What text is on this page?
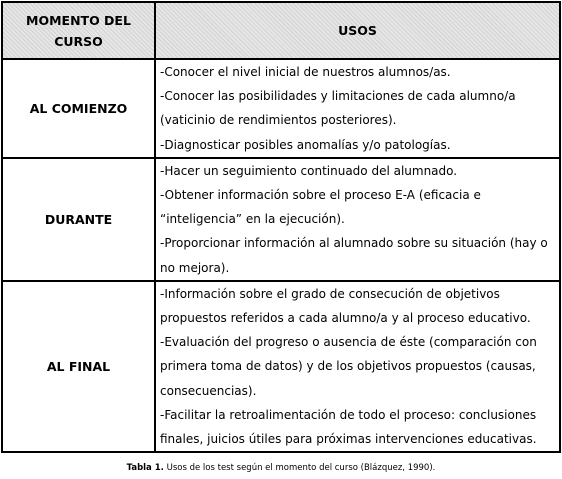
MOMENTO DEL CURSO	USOS
AL COMIENZO	-Conocer el nivel inicial de nuestros alumnos/as.

-Conocer las posibilidades y limitaciones de cada alumno/a (vaticinio de rendimientos posteriores).

-Diagnosticar posibles anomalías y/o patologías.

DURANTE	-Hacer un seguimiento continuado del alumnado.

-Obtener información sobre el proceso E-A (eficacia e “inteligencia” en la ejecución).

-Proporcionar información al alumnado sobre su situación (hay o no mejora).

AL FINAL	-Información sobre el grado de consecución de objetivos propuestos referidos a cada alumno/a y al proceso educativo.

-Evaluación del progreso o ausencia de éste (comparación con primera toma de datos) y de los objetivos propuestos (causas, consecuencias).

-Facilitar la retroalimentación de todo el proceso: conclusiones finales, juicios útiles para próximas intervenciones educativas.

Tabla 1. Usos de los test según el momento del curso (Blázquez, 1990).
